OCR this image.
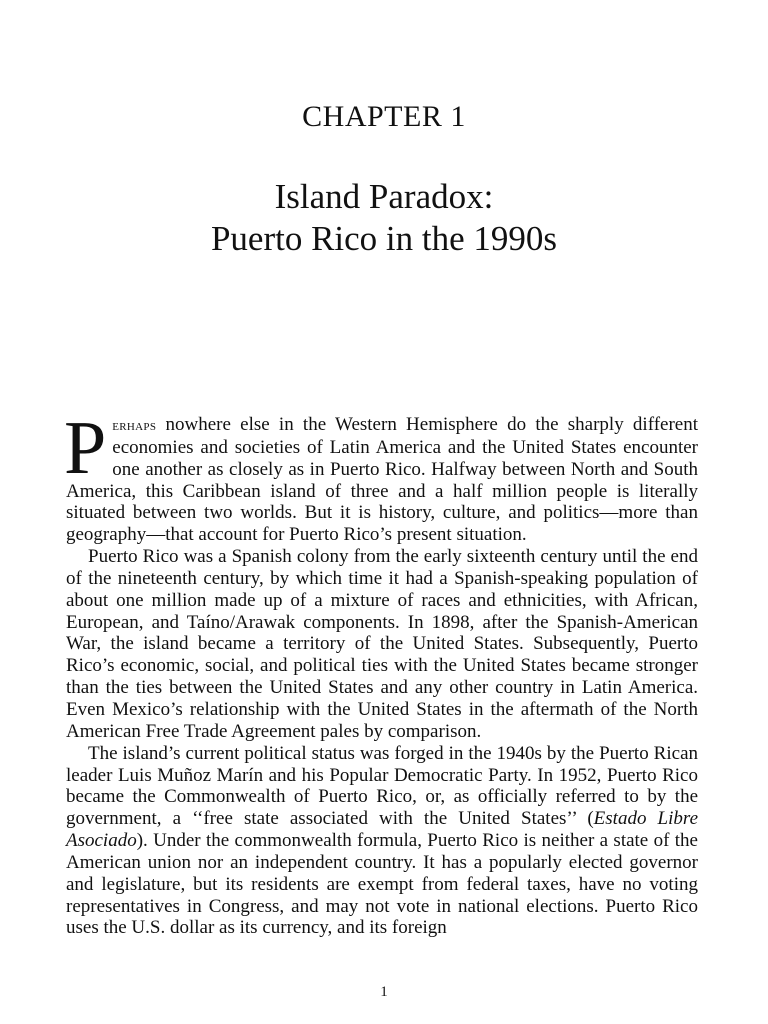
CHAPTER 1
Island Paradox:
Puerto Rico in the 1990s

Perhaps nowhere else in the Western Hemisphere do the sharply different economies and societies of Latin America and the United States encounter one another as closely as in Puerto Rico. Halfway between North and South America, this Caribbean island of three and a half million people is literally situated between two worlds. But it is history, culture, and politics—more than geography—that account for Puerto Rico’s present situation.

Puerto Rico was a Spanish colony from the early sixteenth century until the end of the nineteenth century, by which time it had a Spanish-speaking population of about one million made up of a mixture of races and ethnicities, with African, European, and Taíno/Arawak components. In 1898, after the Spanish-American War, the island became a territory of the United States. Subsequently, Puerto Rico’s economic, social, and political ties with the United States became stronger than the ties between the United States and any other country in Latin America. Even Mexico’s relationship with the United States in the aftermath of the North American Free Trade Agreement pales by comparison.

The island’s current political status was forged in the 1940s by the Puerto Rican leader Luis Muñoz Marín and his Popular Democratic Party. In 1952, Puerto Rico became the Commonwealth of Puerto Rico, or, as officially referred to by the government, a ‘‘free state associated with the United States’’ (Estado Libre Asociado). Under the commonwealth formula, Puerto Rico is neither a state of the American union nor an independent country. It has a popularly elected governor and legislature, but its residents are exempt from federal taxes, have no voting representatives in Congress, and may not vote in national elections. Puerto Rico uses the U.S. dollar as its currency, and its foreign

1
